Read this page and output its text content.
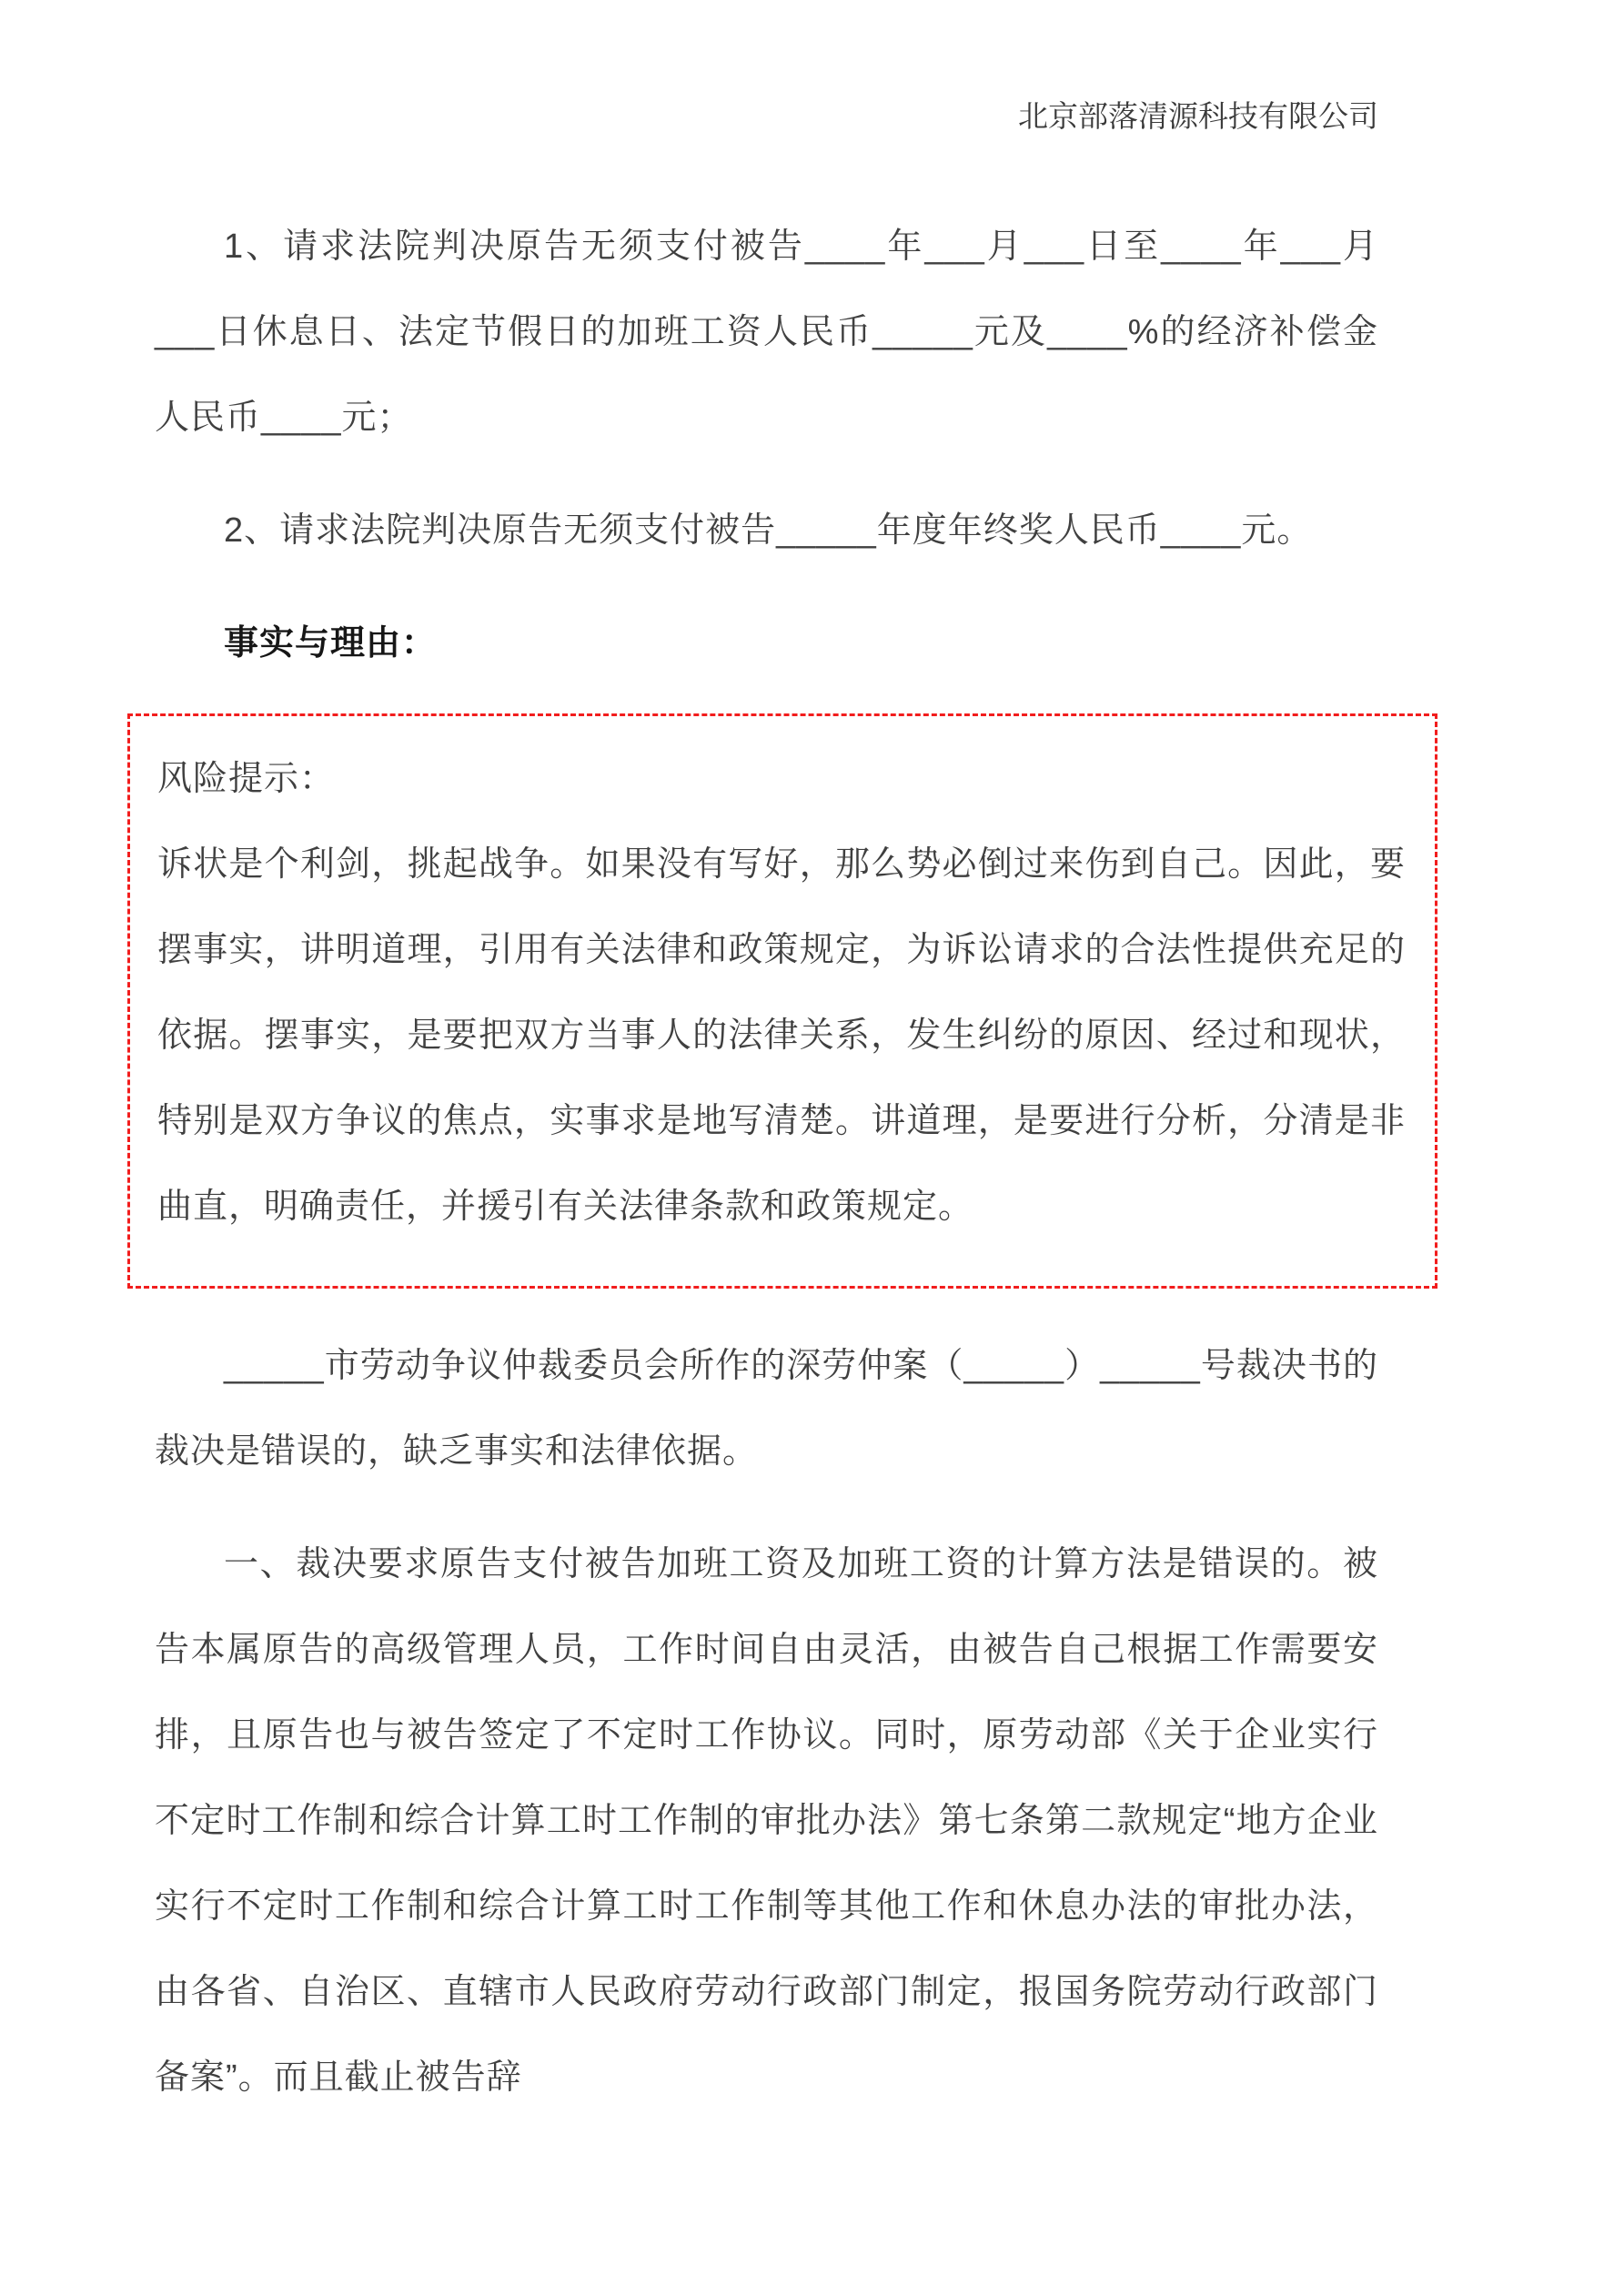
北京部落清源科技有限公司

1、请求法院判决原告无须支付被告____年___月___日至____年___月___日休息日、法定节假日的加班工资人民币_____元及____%的经济补偿金人民币____元；

2、请求法院判决原告无须支付被告_____年度年终奖人民币____元。

事实与理由：

风险提示：

诉状是个利剑，挑起战争。如果没有写好，那么势必倒过来伤到自己。因此，要摆事实，讲明道理，引用有关法律和政策规定，为诉讼请求的合法性提供充足的依据。摆事实，是要把双方当事人的法律关系，发生纠纷的原因、经过和现状，特别是双方争议的焦点，实事求是地写清楚。讲道理，是要进行分析，分清是非曲直，明确责任，并援引有关法律条款和政策规定。

_____市劳动争议仲裁委员会所作的深劳仲案（_____）_____号裁决书的裁决是错误的，缺乏事实和法律依据。

一、裁决要求原告支付被告加班工资及加班工资的计算方法是错误的。被告本属原告的高级管理人员，工作时间自由灵活，由被告自己根据工作需要安排，且原告也与被告签定了不定时工作协议。同时，原劳动部《关于企业实行不定时工作制和综合计算工时工作制的审批办法》第七条第二款规定“地方企业实行不定时工作制和综合计算工时工作制等其他工作和休息办法的审批办法，由各省、自治区、直辖市人民政府劳动行政部门制定，报国务院劳动行政部门备案”。而且截止被告辞
